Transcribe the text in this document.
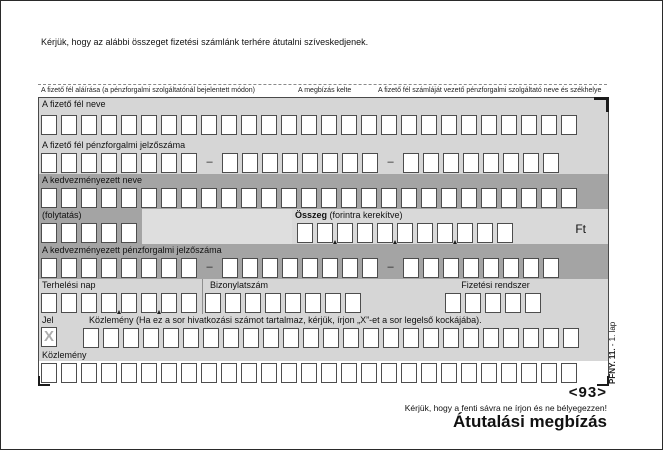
Kérjük, hogy az alábbi összeget fizetési számlánk terhére átutalni szíveskedjenek.
A fizető fél aláírása (a pénzforgalmi szolgáltatónál bejelentett módon)	A megbízás kelte	A fizető fél számláját vezető pénzforgalmi szolgáltató neve és székhelye
A fizető fél neve
A fizető fél pénzforgalmi jelzőszáma
–	–
A kedvezményezett neve
(folytatás)	Összeg (forintra kerekítve)
Ft
A kedvezményezett pénzforgalmi jelzőszáma
–	–
Terhelési nap	Bizonylatszám	Fizetési rendszer
Jel	Közlemény (Ha ez a sor hivatkozási számot tartalmaz, kérjük, írjon „X”-et a sor legelső kockájába).
X
Közlemény	PFNY. 11. - 1. lap
<93>
Kérjük, hogy a fenti sávra ne írjon és ne bélyegezzen!
Átutalási megbízás
